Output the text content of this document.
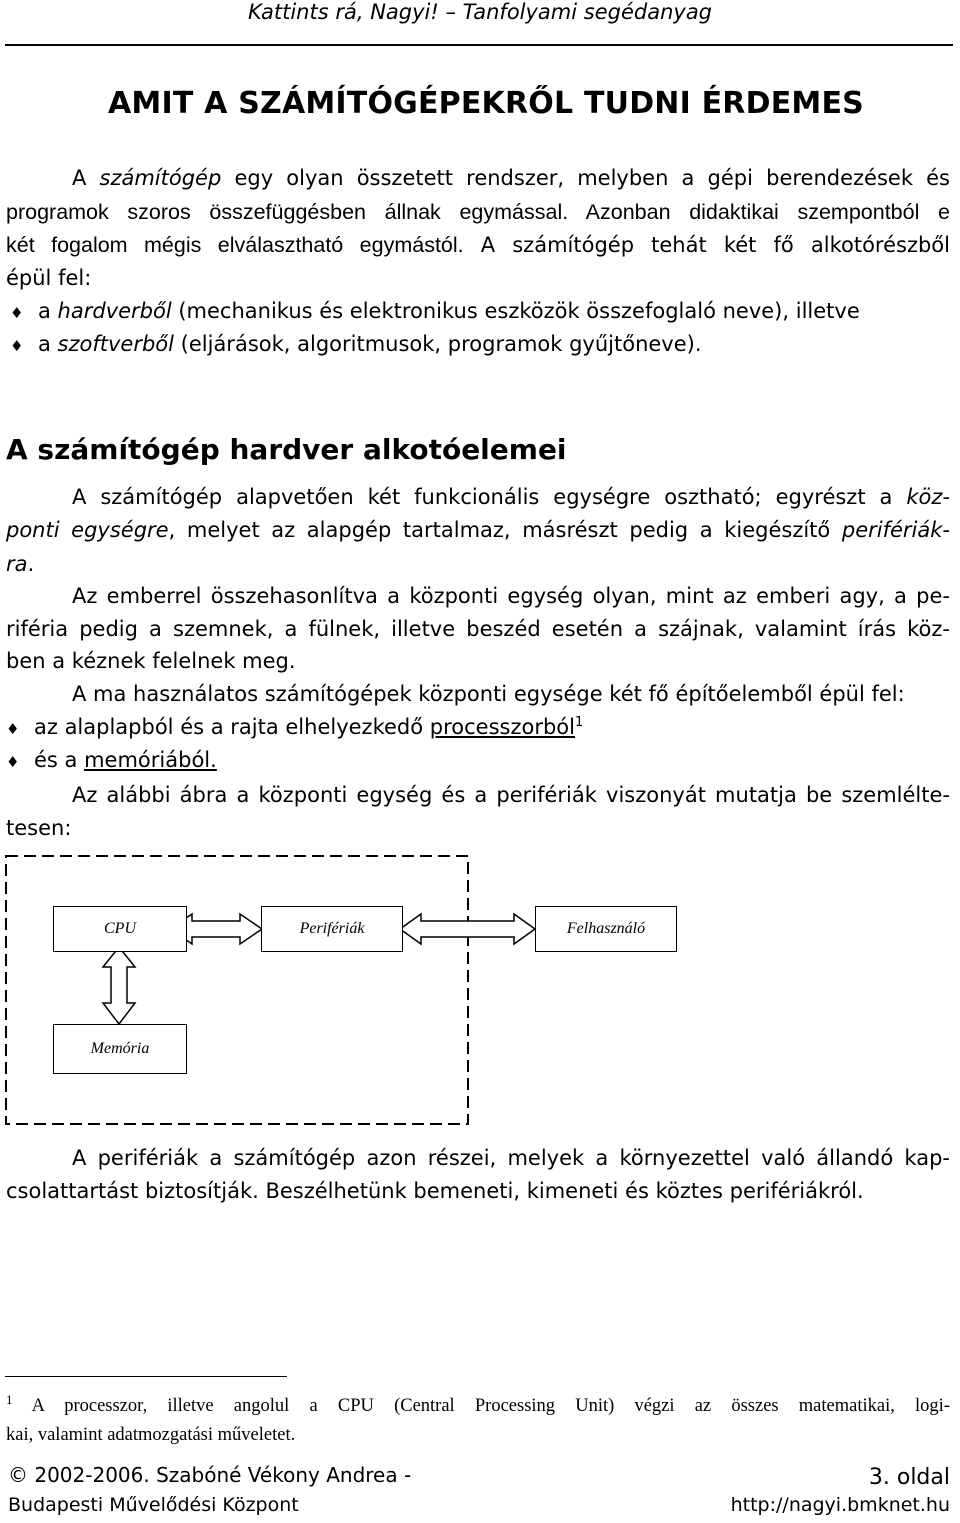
Kattints rá, Nagyi! – Tanfolyami segédanyag
AMIT A SZÁMÍTÓGÉPEKRŐL TUDNI ÉRDEMES
A számítógép egy olyan összetett rendszer, melyben a gépi berendezések és
programok szoros összefüggésben állnak egymással. Azonban didaktikai szempontból e
két fogalom mégis elválasztható egymástól. A számítógép tehát két fő alkotórészből
épül fel:
♦ a hardverből (mechanikus és elektronikus eszközök összefoglaló neve), illetve
♦ a szoftverből (eljárások, algoritmusok, programok gyűjtőneve).
A számítógép hardver alkotóelemei
A számítógép alapvetően két funkcionális egységre osztható; egyrészt a köz-
ponti egységre, melyet az alapgép tartalmaz, másrészt pedig a kiegészítő perifériák-
ra.
Az emberrel összehasonlítva a központi egység olyan, mint az emberi agy, a pe-
riféria pedig a szemnek, a fülnek, illetve beszéd esetén a szájnak, valamint írás köz-
ben a kéznek felelnek meg.
A ma használatos számítógépek központi egysége két fő építőelemből épül fel:
♦ az alaplapból és a rajta elhelyezkedő processzorból$^1$
♦ és a memóriából.
Az alábbi ábra a központi egység és a perifériák viszonyát mutatja be szemlélte-
tesen:
CPU	Perifériák	Felhasználó
Memória
A perifériák a számítógép azon részei, melyek a környezettel való állandó kap-
csolattartást biztosítják. Beszélhetünk bemeneti, kimeneti és köztes perifériákról.
$^1$ A processzor, illetve angolul a CPU (Central Processing Unit) végzi az összes matematikai, logi-
kai, valamint adatmozgatási műveletet.
© 2002-2006. Szabóné Vékony Andrea -	3. oldal
Budapesti Művelődési Központ	http://nagyi.bmknet.hu
